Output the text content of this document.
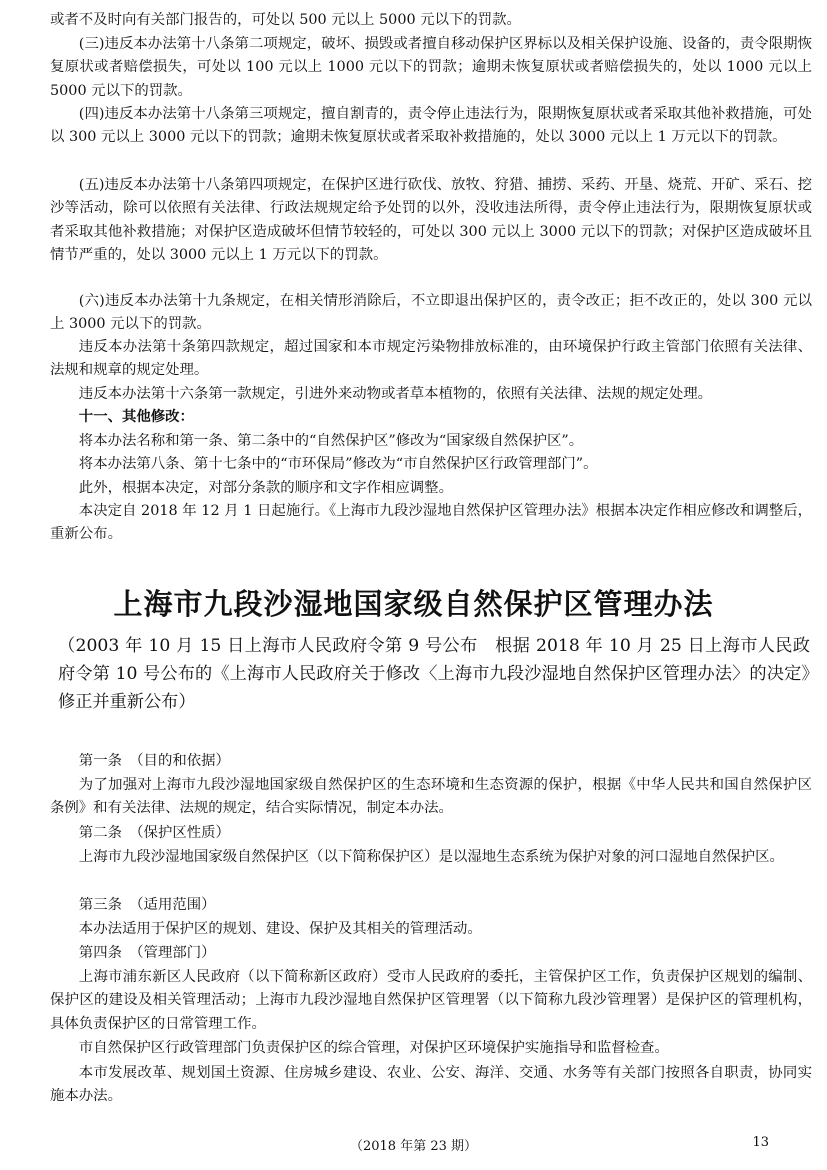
或者不及时向有关部门报告的，可处以 500 元以上 5000 元以下的罚款。

(三)违反本办法第十八条第二项规定，破坏、损毁或者擅自移动保护区界标以及相关保护设施、设备的，责令限期恢复原状或者赔偿损失，可处以 100 元以上 1000 元以下的罚款；逾期未恢复原状或者赔偿损失的，处以 1000 元以上 5000 元以下的罚款。

(四)违反本办法第十八条第三项规定，擅自割青的，责令停止违法行为，限期恢复原状或者采取其他补救措施，可处以 300 元以上 3000 元以下的罚款；逾期未恢复原状或者采取补救措施的，处以 3000 元以上 1 万元以下的罚款。

(五)违反本办法第十八条第四项规定，在保护区进行砍伐、放牧、狩猎、捕捞、采药、开垦、烧荒、开矿、采石、挖沙等活动，除可以依照有关法律、行政法规规定给予处罚的以外，没收违法所得，责令停止违法行为，限期恢复原状或者采取其他补救措施；对保护区造成破坏但情节较轻的，可处以 300 元以上 3000 元以下的罚款；对保护区造成破坏且情节严重的，处以 3000 元以上 1 万元以下的罚款。

(六)违反本办法第十九条规定，在相关情形消除后，不立即退出保护区的，责令改正；拒不改正的，处以 300 元以上 3000 元以下的罚款。

违反本办法第十条第四款规定，超过国家和本市规定污染物排放标准的，由环境保护行政主管部门依照有关法律、法规和规章的规定处理。

违反本办法第十六条第一款规定，引进外来动物或者草本植物的，依照有关法律、法规的规定处理。

十一、其他修改：

将本办法名称和第一条、第二条中的“自然保护区”修改为“国家级自然保护区”。

将本办法第八条、第十七条中的“市环保局”修改为“市自然保护区行政管理部门”。

此外，根据本决定，对部分条款的顺序和文字作相应调整。

本决定自 2018 年 12 月 1 日起施行。《上海市九段沙湿地自然保护区管理办法》根据本决定作相应修改和调整后，重新公布。

上海市九段沙湿地国家级自然保护区管理办法

（2003 年 10 月 15 日上海市人民政府令第 9 号公布　根据 2018 年 10 月 25 日上海市人民政府令第 10 号公布的《上海市人民政府关于修改〈上海市九段沙湿地自然保护区管理办法〉的决定》修正并重新公布）

第一条　（目的和依据）

为了加强对上海市九段沙湿地国家级自然保护区的生态环境和生态资源的保护，根据《中华人民共和国自然保护区条例》和有关法律、法规的规定，结合实际情况，制定本办法。

第二条　（保护区性质）

上海市九段沙湿地国家级自然保护区（以下简称保护区）是以湿地生态系统为保护对象的河口湿地自然保护区。

第三条　（适用范围）

本办法适用于保护区的规划、建设、保护及其相关的管理活动。

第四条　（管理部门）

上海市浦东新区人民政府（以下简称新区政府）受市人民政府的委托，主管保护区工作，负责保护区规划的编制、保护区的建设及相关管理活动；上海市九段沙湿地自然保护区管理署（以下简称九段沙管理署）是保护区的管理机构，具体负责保护区的日常管理工作。

市自然保护区行政管理部门负责保护区的综合管理，对保护区环境保护实施指导和监督检查。

本市发展改革、规划国土资源、住房城乡建设、农业、公安、海洋、交通、水务等有关部门按照各自职责，协同实施本办法。

（2018 年第 23 期）	13
